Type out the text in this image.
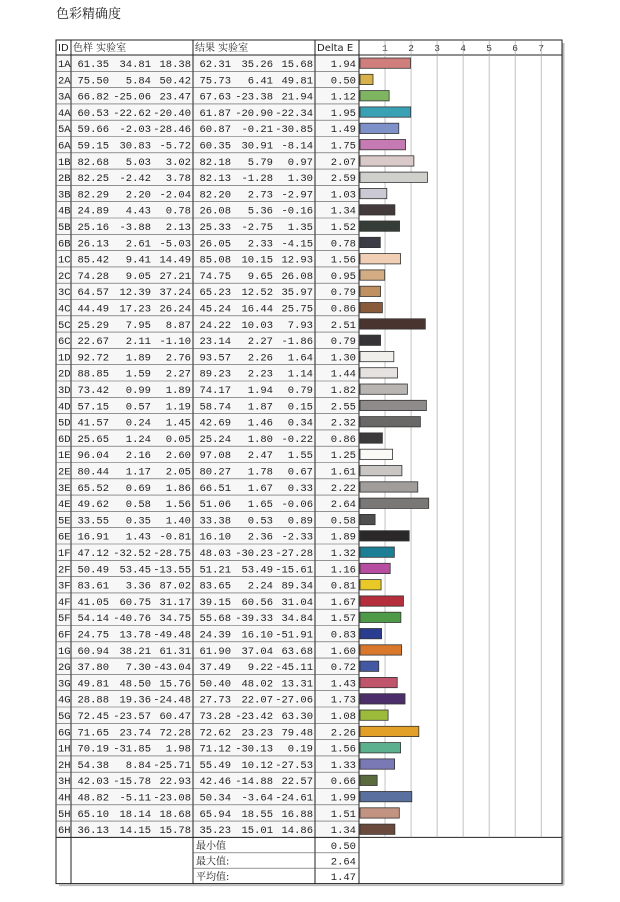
色彩精确度
ID 色样 实验室	结果 实验室	Delta E
1A 61.35 34.81 18.38 62.31 35.26 15.68 1.94
2A 75.50 5.84 50.42 75.73 6.41 49.81 0.50
3A 66.82 -25.06 23.47 67.63 -23.38 21.94 1.12
4A 60.53 -22.62 -20.40 61.87 -20.90 -22.34 1.95
5A 59.66 -2.03 -28.46 60.87 -0.21 -30.85 1.49
6A 59.15 30.83 -5.72 60.35 30.91 -8.14 1.75
1B 82.68 5.03 3.02 82.18 5.79 0.97 2.07
2B 82.25 -2.42 3.78 82.13 -1.28 1.30 2.59
3B 82.29 2.20 -2.04 82.20 2.73 -2.97 1.03
4B 24.89 4.43 0.78 26.08 5.36 -0.16 1.34
5B 25.16 -3.88 2.13 25.33 -2.75 1.35 1.52
6B 26.13 2.61 -5.03 26.05 2.33 -4.15 0.78
1C 85.42 9.41 14.49 85.08 10.15 12.93 1.56
2C 74.28 9.05 27.21 74.75 9.65 26.08 0.95
3C 64.57 12.39 37.24 65.23 12.52 35.97 0.79
4C 44.49 17.23 26.24 45.24 16.44 25.75 0.86
5C 25.29 7.95 8.87 24.22 10.03 7.93 2.51
6C 22.67 2.11 -1.10 23.14 2.27 -1.86 0.79
1D 92.72 1.89 2.76 93.57 2.26 1.64 1.30
2D 88.85 1.59 2.27 89.23 2.23 1.14 1.44
3D 73.42 0.99 1.89 74.17 1.94 0.79 1.82
4D 57.15 0.57 1.19 58.74 1.87 0.15 2.55
5D 41.57 0.24 1.45 42.69 1.46 0.34 2.32
6D 25.65 1.24 0.05 25.24 1.80 -0.22 0.86
1E 96.04 2.16 2.60 97.08 2.47 1.55 1.25
2E 80.44 1.17 2.05 80.27 1.78 0.67 1.61
3E 65.52 0.69 1.86 66.51 1.67 0.33 2.22
4E 49.62 0.58 1.56 51.06 1.65 -0.06 2.64
5E 33.55 0.35 1.40 33.38 0.53 0.89 0.58
6E 16.91 1.43 -0.81 16.10 2.36 -2.33 1.89
1F 47.12 -32.52 -28.75 48.03 -30.23 -27.28 1.32
2F 50.49 53.45 -13.55 51.21 53.49 -15.61 1.16
3F 83.61 3.36 87.02 83.65 2.24 89.34 0.81
4F 41.05 60.75 31.17 39.15 60.56 31.04 1.67
5F 54.14 -40.76 34.75 55.68 -39.33 34.84 1.57
6F 24.75 13.78 -49.48 24.39 16.10 -51.91 0.83
1G 60.94 38.21 61.31 61.90 37.04 63.68 1.60
2G 37.80 7.30 -43.04 37.49 9.22 -45.11 0.72
3G 49.81 48.50 15.76 50.40 48.02 13.31 1.43
4G 28.88 19.36 -24.48 27.73 22.07 -27.06 1.73
5G 72.45 -23.57 60.47 73.28 -23.42 63.30 1.08
6G 71.65 23.74 72.28 72.62 23.23 79.48 2.26
1H 70.19 -31.85 1.98 71.12 -30.13 0.19 1.56
2H 54.38 8.84 -25.71 55.49 10.12 -27.53 1.33
3H 42.03 -15.78 22.93 42.46 -14.88 22.57 0.66
4H 48.82 -5.11 -23.08 50.34 -3.64 -24.61 1.99
5H 65.10 18.14 18.68 65.94 18.55 16.88 1.51
6H 36.13 14.15 15.78 35.23 15.01 14.86 1.34
最小值	0.50
最大值:	2.64
平均值:	1.47
1 2 3 4 5 6 7
